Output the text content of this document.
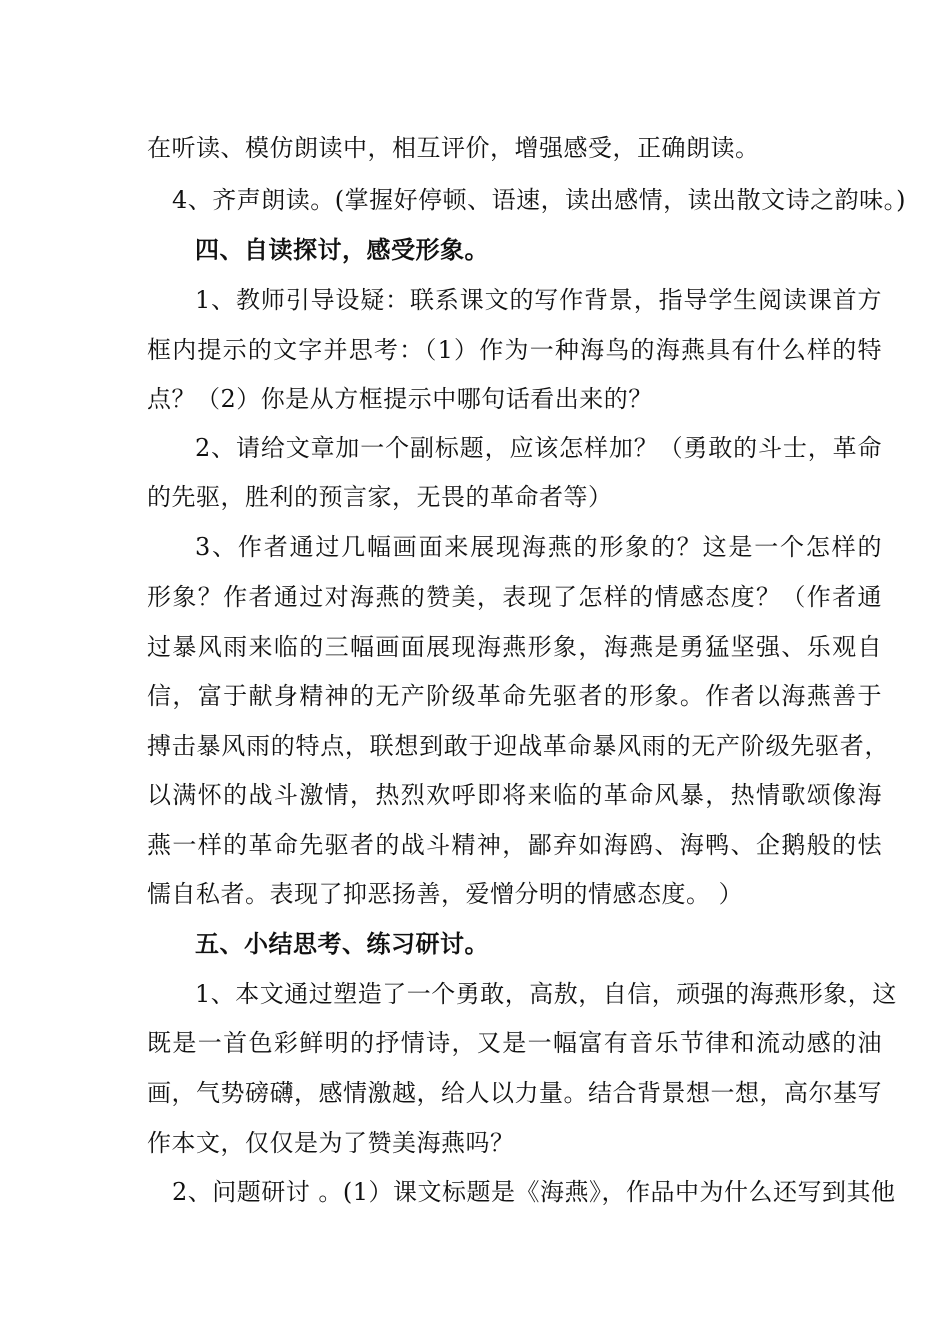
在听读、模仿朗读中，相互评价，增强感受，正确朗读。
4、齐声朗读。(掌握好停顿、语速，读出感情，读出散文诗之韵味。)
四、自读探讨，感受形象。
1、教师引导设疑：联系课文的写作背景，指导学生阅读课首方
框内提示的文字并思考：（1）作为一种海鸟的海燕具有什么样的特
点？（2）你是从方框提示中哪句话看出来的？
2、请给文章加一个副标题，应该怎样加？（勇敢的斗士，革命
的先驱，胜利的预言家，无畏的革命者等）
3、作者通过几幅画面来展现海燕的形象的？这是一个怎样的
形象？作者通过对海燕的赞美，表现了怎样的情感态度？（作者通
过暴风雨来临的三幅画面展现海燕形象，海燕是勇猛坚强、乐观自
信，富于献身精神的无产阶级革命先驱者的形象。作者以海燕善于
搏击暴风雨的特点，联想到敢于迎战革命暴风雨的无产阶级先驱者，
以满怀的战斗激情，热烈欢呼即将来临的革命风暴，热情歌颂像海
燕一样的革命先驱者的战斗精神，鄙弃如海鸥、海鸭、企鹅般的怯
懦自私者。表现了抑恶扬善，爱憎分明的情感态度。 ）
五、小结思考、练习研讨。
1、本文通过塑造了一个勇敢，高敖，自信，顽强的海燕形象，这
既是一首色彩鲜明的抒情诗，又是一幅富有音乐节律和流动感的油
画，气势磅礴，感情激越，给人以力量。结合背景想一想，高尔基写
作本文，仅仅是为了赞美海燕吗？
2、问题研讨 。(1）课文标题是《海燕》，作品中为什么还写到其他
